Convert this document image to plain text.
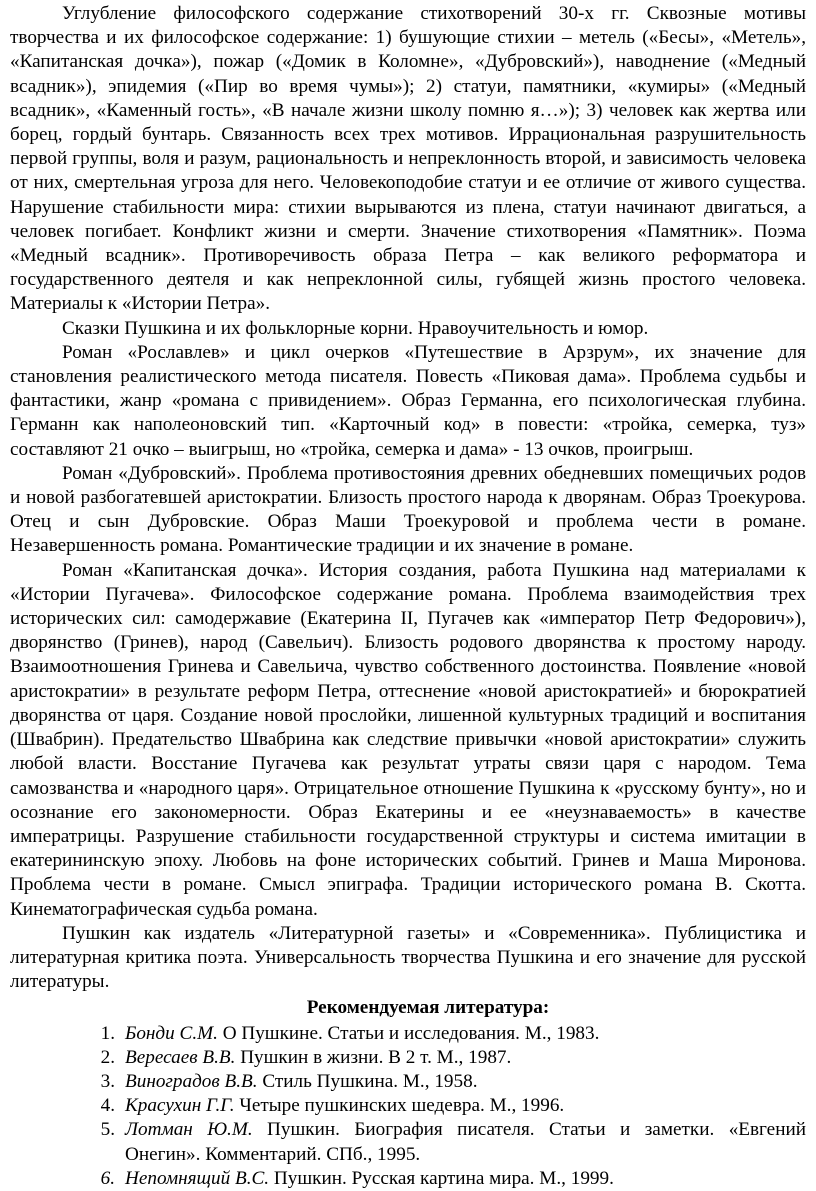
Углубление философского содержание стихотворений 30-х гг. Сквозные мотивы творчества и их философское содержание: 1) бушующие стихии – метель («Бесы», «Метель», «Капитанская дочка»), пожар («Домик в Коломне», «Дубровский»), наводнение («Медный всадник»), эпидемия («Пир во время чумы»); 2) статуи, памятники, «кумиры» («Медный всадник», «Каменный гость», «В начале жизни школу помню я…»); 3) человек как жертва или борец, гордый бунтарь. Связанность всех трех мотивов. Иррациональная разрушительность первой группы, воля и разум, рациональность и непреклонность второй, и зависимость человека от них, смертельная угроза для него. Человекоподобие статуи и ее отличие от живого существа. Нарушение стабильности мира: стихии вырываются из плена, статуи начинают двигаться, а человек погибает. Конфликт жизни и смерти. Значение стихотворения «Памятник». Поэма «Медный всадник». Противоречивость образа Петра – как великого реформатора и государственного деятеля и как непреклонной силы, губящей жизнь простого человека. Материалы к «Истории Петра».

Сказки Пушкина и их фольклорные корни. Нравоучительность и юмор.

Роман «Рославлев» и цикл очерков «Путешествие в Арзрум», их значение для становления реалистического метода писателя. Повесть «Пиковая дама». Проблема судьбы и фантастики, жанр «романа с привидением». Образ Германна, его психологическая глубина. Германн как наполеоновский тип. «Карточный код» в повести: «тройка, семерка, туз» составляют 21 очко – выигрыш, но «тройка, семерка и дама» - 13 очков, проигрыш.

Роман «Дубровский». Проблема противостояния древних обедневших помещичьих родов и новой разбогатевшей аристократии. Близость простого народа к дворянам. Образ Троекурова. Отец и сын Дубровские. Образ Маши Троекуровой и проблема чести в романе. Незавершенность романа. Романтические традиции и их значение в романе.

Роман «Капитанская дочка». История создания, работа Пушкина над материалами к «Истории Пугачева». Философское содержание романа. Проблема взаимодействия трех исторических сил: самодержавие (Екатерина II, Пугачев как «император Петр Федорович»), дворянство (Гринев), народ (Савельич). Близость родового дворянства к простому народу. Взаимоотношения Гринева и Савельича, чувство собственного достоинства. Появление «новой аристократии» в результате реформ Петра, оттеснение «новой аристократией» и бюрократией дворянства от царя. Создание новой прослойки, лишенной культурных традиций и воспитания (Швабрин). Предательство Швабрина как следствие привычки «новой аристократии» служить любой власти. Восстание Пугачева как результат утраты связи царя с народом. Тема самозванства и «народного царя». Отрицательное отношение Пушкина к «русскому бунту», но и осознание его закономерности. Образ Екатерины и ее «неузнаваемость» в качестве императрицы. Разрушение стабильности государственной структуры и система имитации в екатерининскую эпоху. Любовь на фоне исторических событий. Гринев и Маша Миронова. Проблема чести в романе. Смысл эпиграфа. Традиции исторического романа В. Скотта. Кинематографическая судьба романа.

Пушкин как издатель «Литературной газеты» и «Современника». Публицистика и литературная критика поэта. Универсальность творчества Пушкина и его значение для русской литературы.

Рекомендуемая литература:
1. Бонди С.М. О Пушкине. Статьи и исследования. М., 1983.
2. Вересаев В.В. Пушкин в жизни. В 2 т. М., 1987.
3. Виноградов В.В. Стиль Пушкина. М., 1958.
4. Красухин Г.Г. Четыре пушкинских шедевра. М., 1996.
5. Лотман Ю.М. Пушкин. Биография писателя. Статьи и заметки. «Евгений Онегин». Комментарий. СПб., 1995.
6. Непомнящий В.С. Пушкин. Русская картина мира. М., 1999.
